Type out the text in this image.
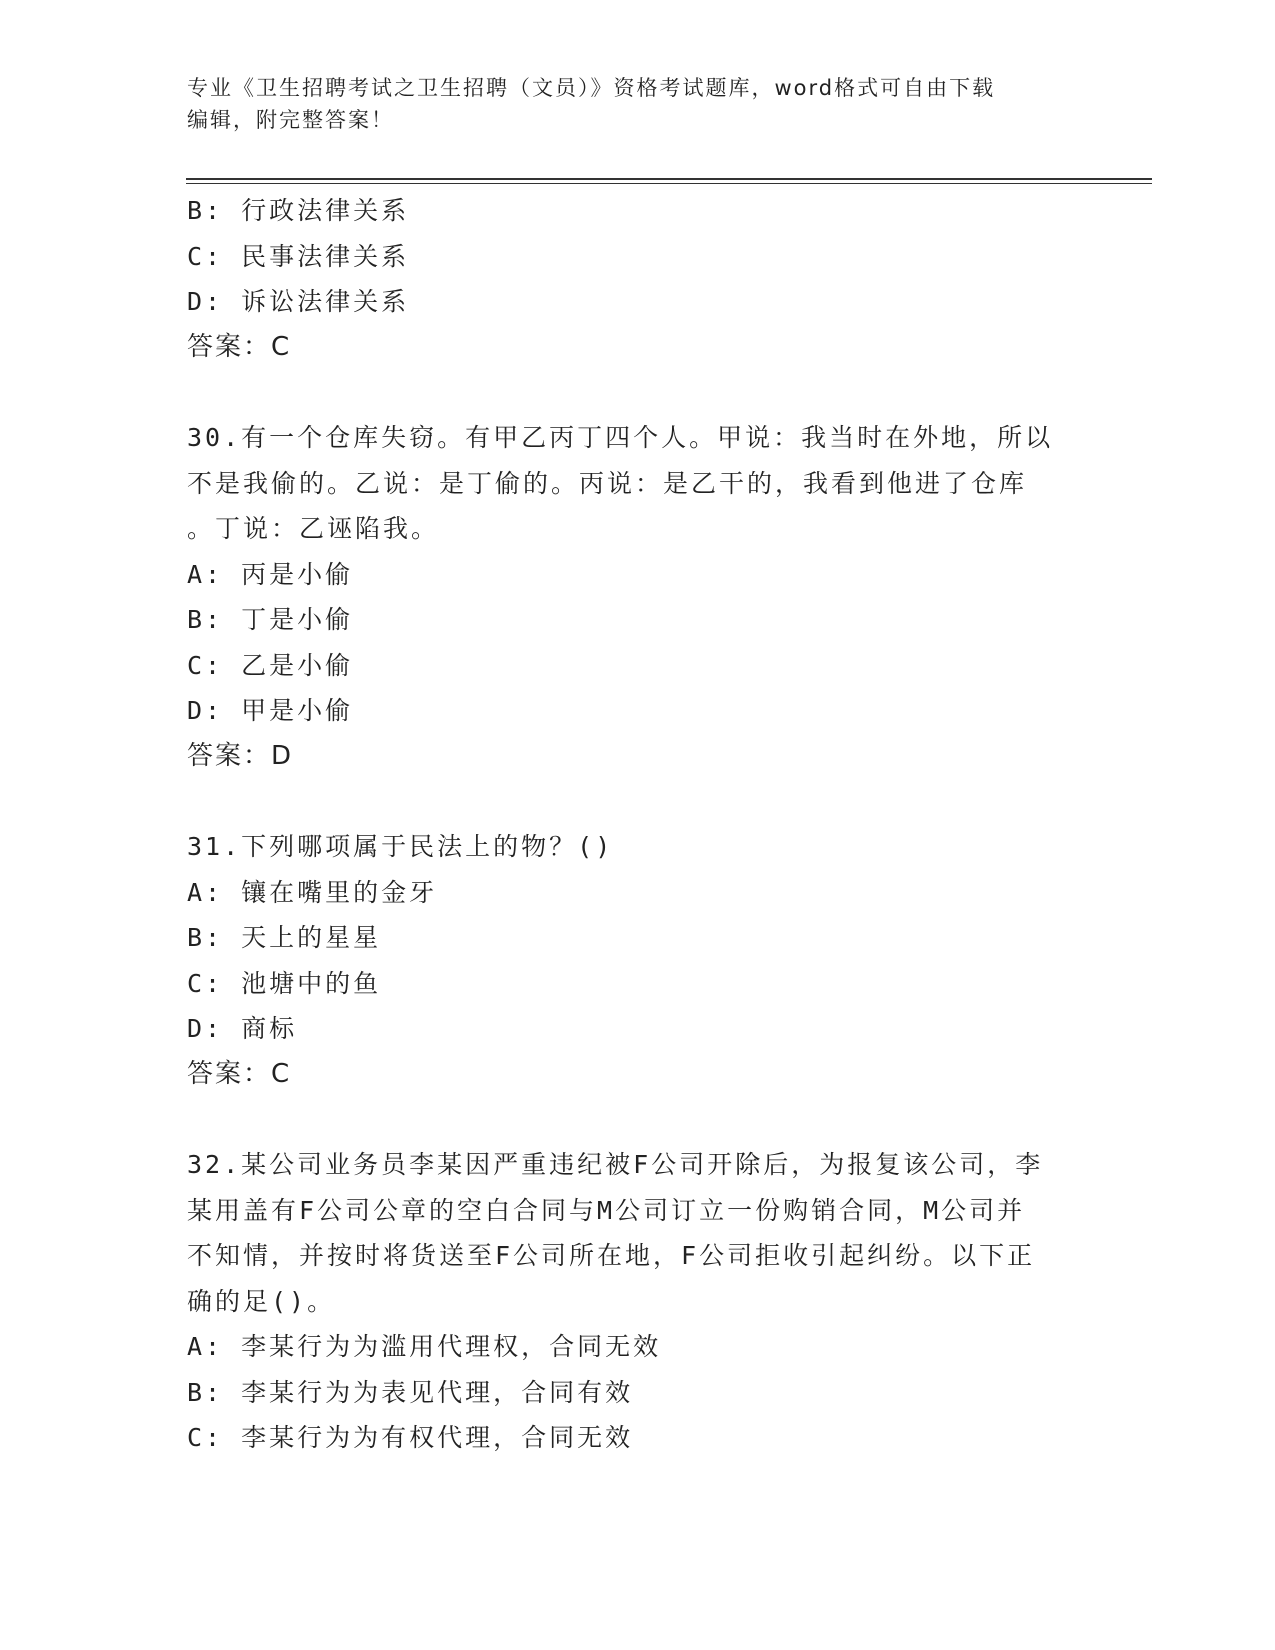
专业《卫生招聘考试之卫生招聘（文员）》资格考试题库，word格式可自由下载
编辑，附完整答案！
B: 行政法律关系
C: 民事法律关系
D: 诉讼法律关系
答案：C
30.有一个仓库失窃。有甲乙丙丁四个人。甲说：我当时在外地，所以
不是我偷的。乙说：是丁偷的。丙说：是乙干的，我看到他进了仓库
。丁说：乙诬陷我。
A: 丙是小偷
B: 丁是小偷
C: 乙是小偷
D: 甲是小偷
答案：D
31.下列哪项属于民法上的物？()
A: 镶在嘴里的金牙
B: 天上的星星
C: 池塘中的鱼
D: 商标
答案：C
32.某公司业务员李某因严重违纪被F公司开除后，为报复该公司，李
某用盖有F公司公章的空白合同与M公司订立一份购销合同，M公司并
不知情，并按时将货送至F公司所在地，F公司拒收引起纠纷。以下正
确的足()。
A: 李某行为为滥用代理权，合同无效
B: 李某行为为表见代理，合同有效
C: 李某行为为有权代理，合同无效
